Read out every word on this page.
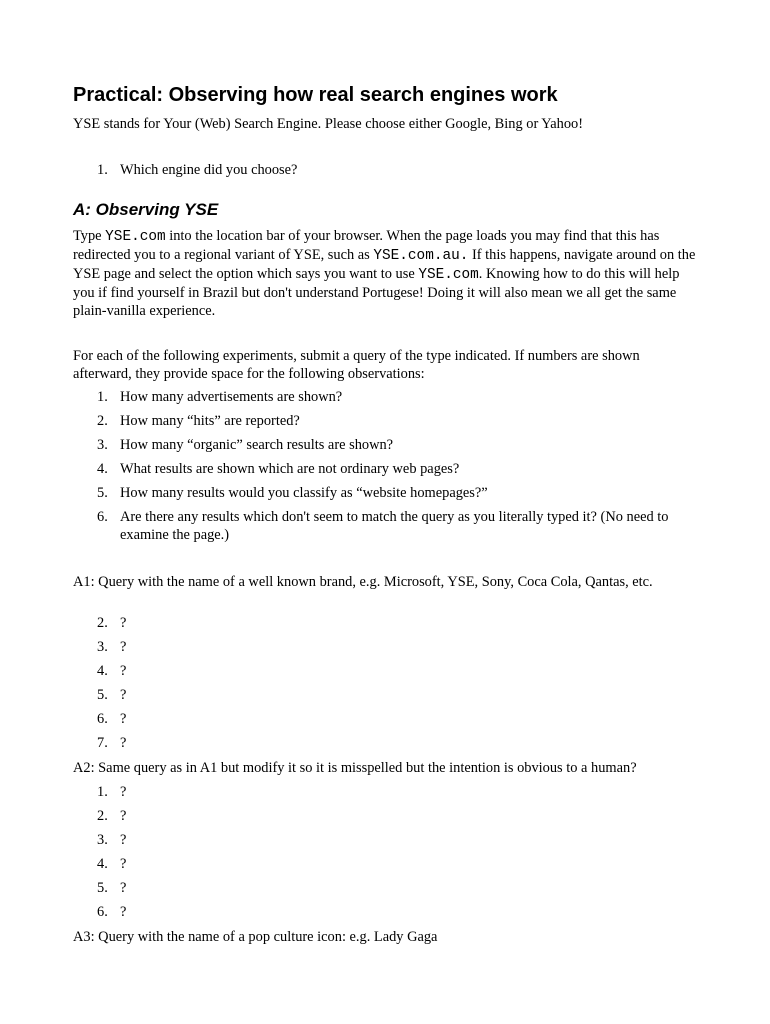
Practical: Observing how real search engines work

YSE stands for Your (Web) Search Engine. Please choose either Google, Bing or Yahoo!

1. Which engine did you choose?
A: Observing YSE

Type YSE.com into the location bar of your browser. When the page loads you may find that this has redirected you to a regional variant of YSE, such as YSE.com.au. If this happens, navigate around on the YSE page and select the option which says you want to use YSE.com. Knowing how to do this will help you if find yourself in Brazil but don't understand Portugese! Doing it will also mean we all get the same plain-vanilla experience.

For each of the following experiments, submit a query of the type indicated. If numbers are shown afterward, they provide space for the following observations:

1. How many advertisements are shown?
2. How many “hits” are reported?
3. How many “organic” search results are shown?
4. What results are shown which are not ordinary web pages?
5. How many results would you classify as “website homepages?”
6. Are there any results which don't seem to match the query as you literally typed it? (No need to examine the page.)

A1: Query with the name of a well known brand, e.g. Microsoft, YSE, Sony, Coca Cola, Qantas, etc.

2. ?
3. ?
4. ?
5. ?
6. ?
7. ?

A2: Same query as in A1 but modify it so it is misspelled but the intention is obvious to a human?

1. ?
2. ?
3. ?
4. ?
5. ?
6. ?

A3: Query with the name of a pop culture icon: e.g. Lady Gaga
